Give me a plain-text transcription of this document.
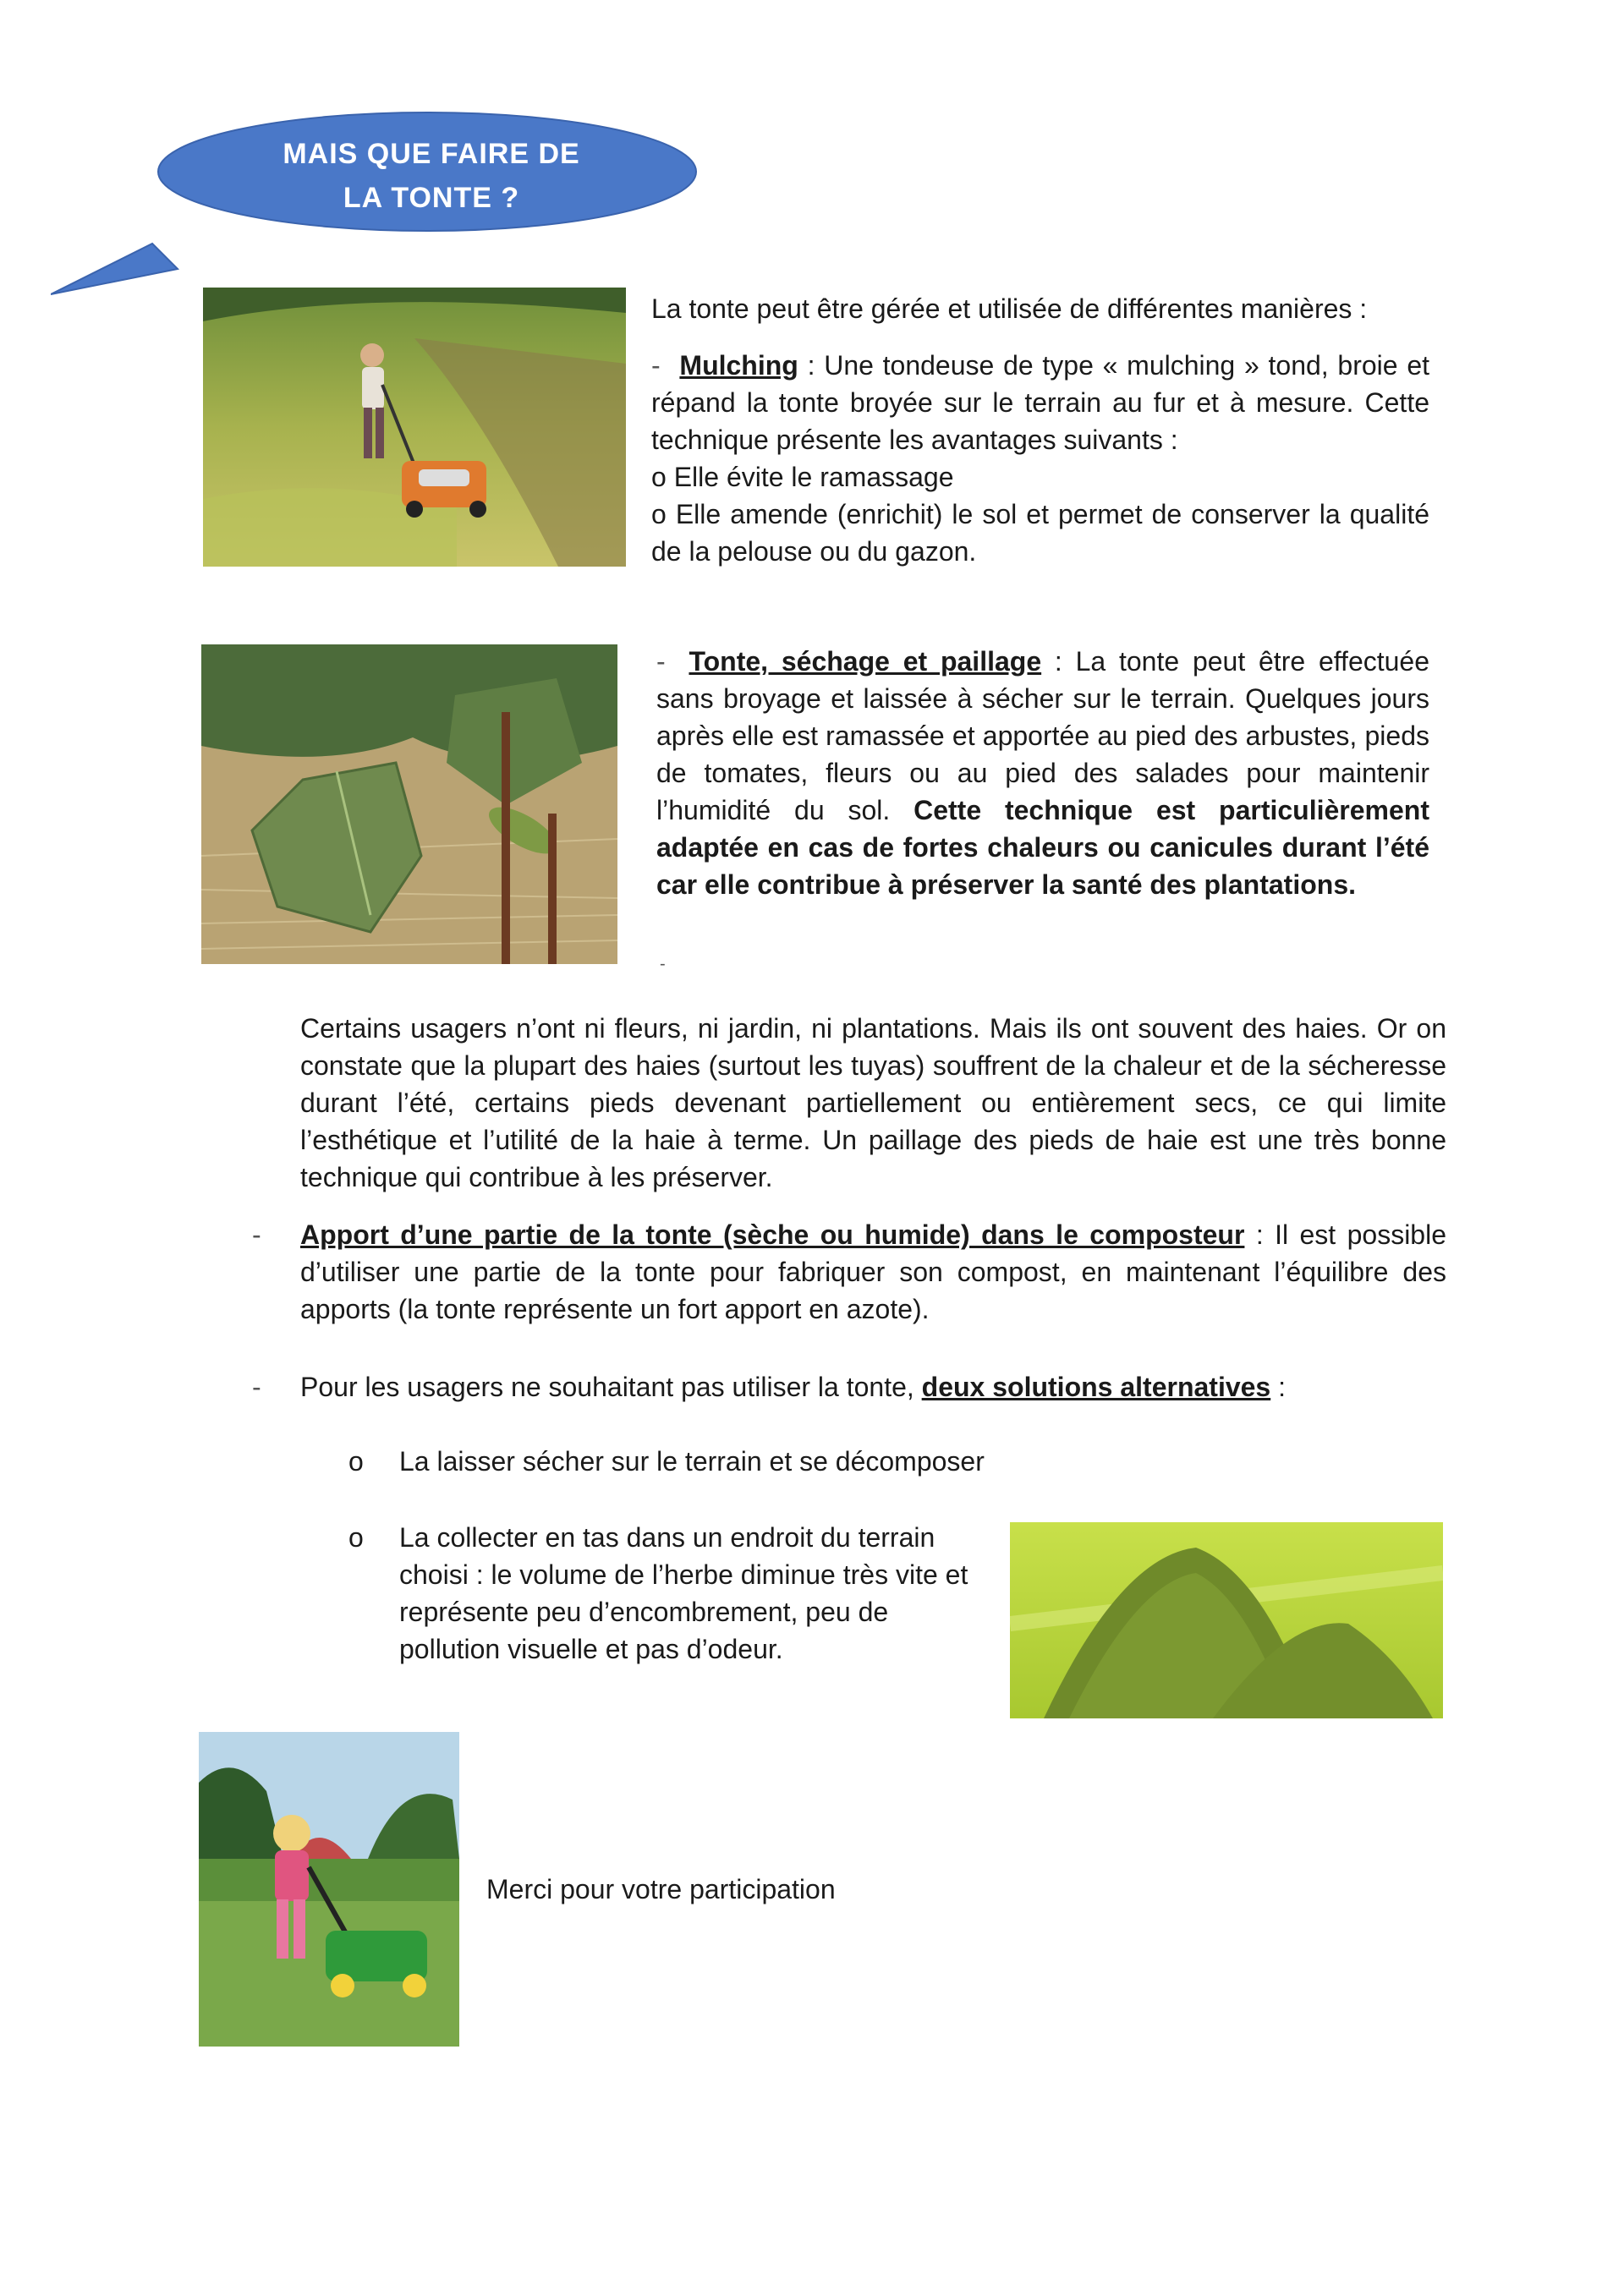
MAIS QUE FAIRE DE
LA TONTE ?
La tonte peut être gérée et utilisée de différentes manières :
- Mulching : Une tondeuse de type « mulching » tond, broie et répand la tonte broyée sur le terrain au fur et à mesure. Cette technique présente les avantages suivants :
o Elle évite le ramassage
o Elle amende (enrichit) le sol et permet de conserver la qualité de la pelouse ou du gazon.
- Tonte, séchage et paillage : La tonte peut être effectuée sans broyage et laissée à sécher sur le terrain. Quelques jours après elle est ramassée et apportée au pied des arbustes, pieds de tomates, fleurs ou au pied des salades pour maintenir l’humidité du sol. Cette technique est particulièrement adaptée en cas de fortes chaleurs ou canicules durant l’été car elle contribue à préserver la santé des plantations.
-
Certains usagers n’ont ni fleurs, ni jardin, ni plantations. Mais ils ont souvent des haies. Or on constate que la plupart des haies (surtout les tuyas) souffrent de la chaleur et de la sécheresse durant l’été, certains pieds devenant partiellement ou entièrement secs, ce qui limite l’esthétique et l’utilité de la haie à terme. Un paillage des pieds de haie est une très bonne technique qui contribue à les préserver.
- Apport d’une partie de la tonte (sèche ou humide) dans le composteur : Il est possible d’utiliser une partie de la tonte pour fabriquer son compost, en maintenant l’équilibre des apports (la tonte représente un fort apport en azote).
- Pour les usagers ne souhaitant pas utiliser la tonte, deux solutions alternatives :
o La laisser sécher sur le terrain et se décomposer
o La collecter en tas dans un endroit du terrain choisi : le volume de l’herbe diminue très vite et représente peu d’encombrement, peu de pollution visuelle et pas d’odeur.
Merci pour votre participation
